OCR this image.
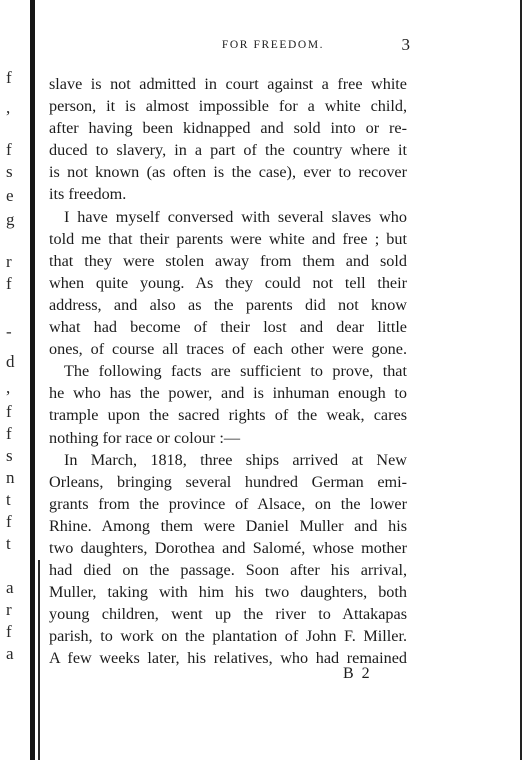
f
,
f
s
e
g
r
f
-
d
,
f
f
s
n
t
f
t
a
r
f
a
FOR FREEDOM.	3
slave is not admitted in court against a free white
person, it is almost impossible for a white child,
after having been kidnapped and sold into or re-
duced to slavery, in a part of the country where it
is not known (as often is the case), ever to recover
its freedom.
I have myself conversed with several slaves who
told me that their parents were white and free ; but
that they were stolen away from them and sold
when quite young. As they could not tell their
address, and also as the parents did not know
what had become of their lost and dear little
ones, of course all traces of each other were gone.
The following facts are sufficient to prove, that
he who has the power, and is inhuman enough to
trample upon the sacred rights of the weak, cares
nothing for race or colour :—
In March, 1818, three ships arrived at New
Orleans, bringing several hundred German emi-
grants from the province of Alsace, on the lower
Rhine. Among them were Daniel Muller and his
two daughters, Dorothea and Salomé, whose mother
had died on the passage. Soon after his arrival,
Muller, taking with him his two daughters, both
young children, went up the river to Attakapas
parish, to work on the plantation of John F. Miller.
A few weeks later, his relatives, who had remained
B 2
